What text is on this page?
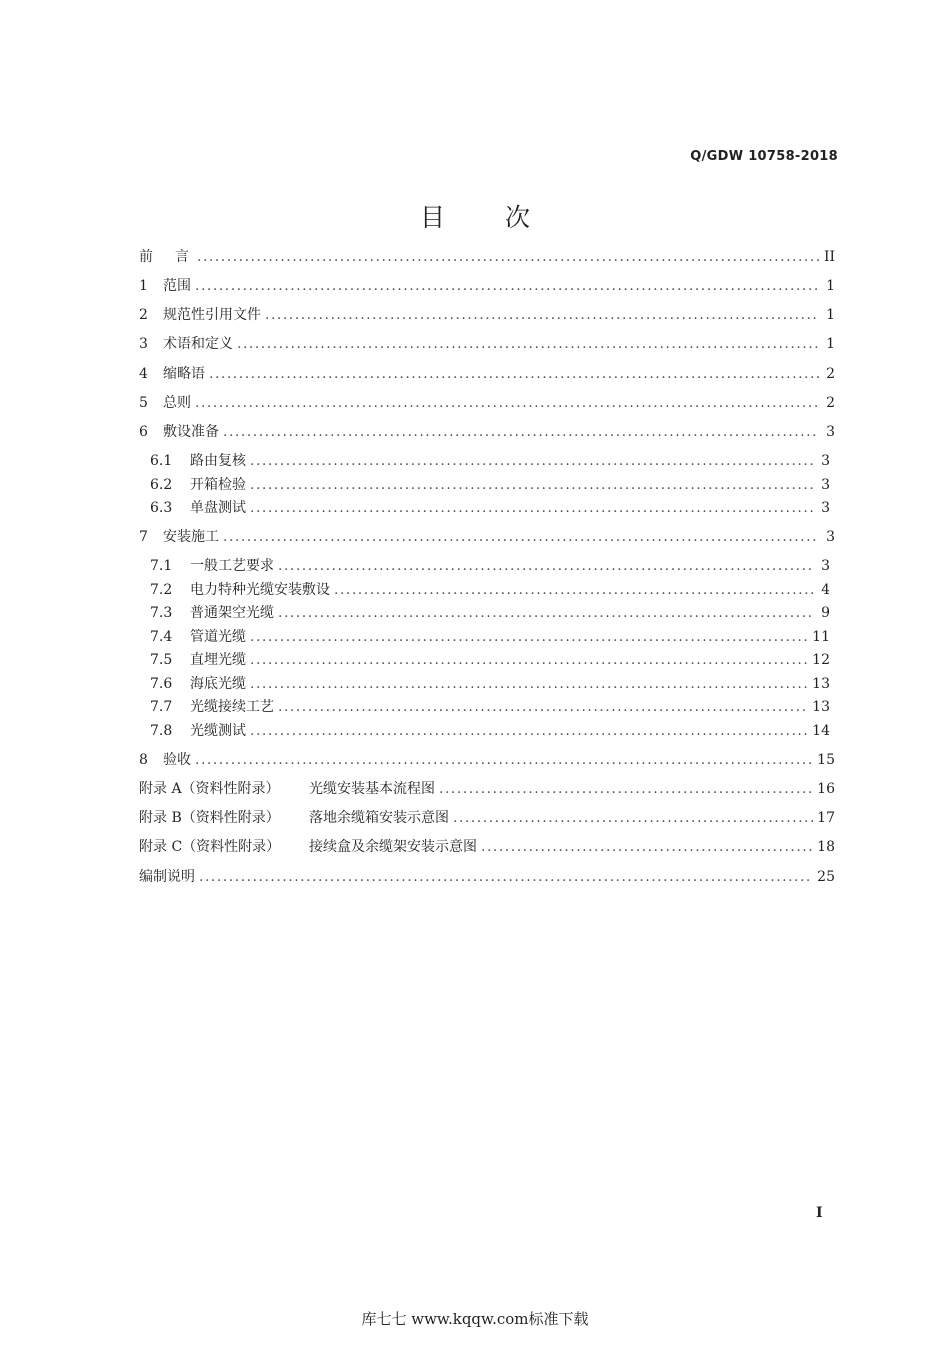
Q/GDW 10758-2018
目 次
前　言 .....	II
1	范围 .....	1
2	规范性引用文件 .....	1
3	术语和定义 .....	1
4	缩略语 .....	2
5	总则 .....	2
6	敷设准备 .....	3
6.1	路由复核 .....	3
6.2	开箱检验 .....	3
6.3	单盘测试 .....	3
7	安装施工 .....	3
7.1	一般工艺要求 .....	3
7.2	电力特种光缆安装敷设 .....	4
7.3	普通架空光缆 .....	9
7.4	管道光缆 .....	11
7.5	直埋光缆 .....	12
7.6	海底光缆 .....	13
7.7	光缆接续工艺 .....	13
7.8	光缆测试 .....	14
8	验收 .....	15
附录 A（资料性附录）	光缆安装基本流程图 .....	16
附录 B（资料性附录）	落地余缆箱安装示意图 .....	17
附录 C（资料性附录）	接续盒及余缆架安装示意图 .....	18
编制说明 .....	25
I
库七七 www.kqqw.com标准下载
